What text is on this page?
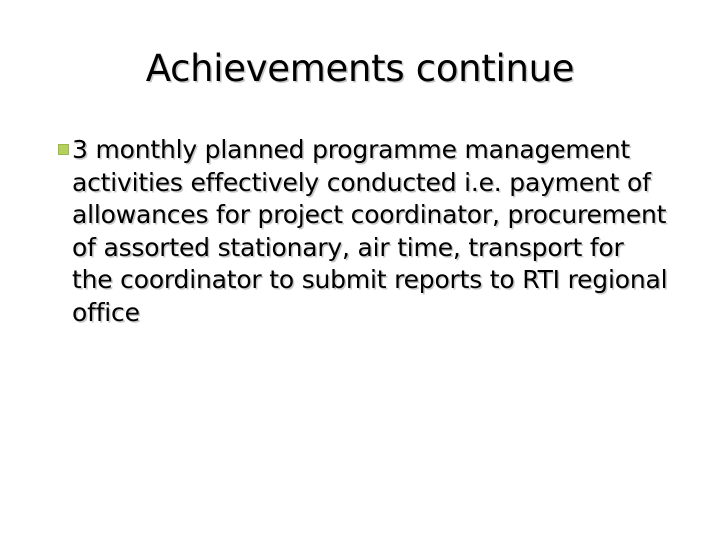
Achievements continue
3 monthly planned programme management activities effectively conducted i.e. payment of allowances for project coordinator, procurement of assorted stationary, air time, transport for the coordinator to submit reports to RTI regional office
